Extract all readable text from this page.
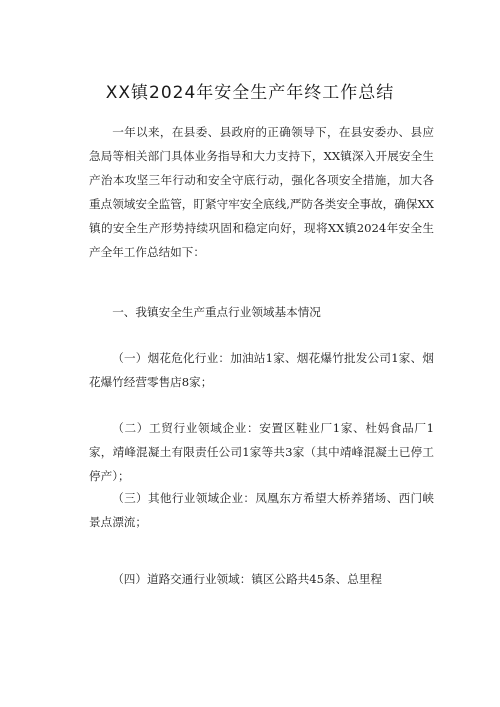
XX镇2024年安全生产年终工作总结

一年以来，在县委、县政府的正确领导下，在县安委办、县应急局等相关部门具体业务指导和大力支持下，XX镇深入开展安全生产治本攻坚三年行动和安全守底行动，强化各项安全措施，加大各重点领域安全监管，盯紧守牢安全底线,严防各类安全事故，确保XX镇的安全生产形势持续巩固和稳定向好，现将XX镇2024年安全生产全年工作总结如下：

一、我镇安全生产重点行业领域基本情况

（一）烟花危化行业：加油站1家、烟花爆竹批发公司1家、烟花爆竹经营零售店8家；

（二）工贸行业领域企业：安置区鞋业厂1家、杜妈食品厂1家，靖峰混凝土有限责任公司1家等共3家（其中靖峰混凝土已停工停产）；

（三）其他行业领域企业：凤凰东方希望大桥养猪场、西门峡景点漂流；

（四）道路交通行业领域：镇区公路共45条、总里程
